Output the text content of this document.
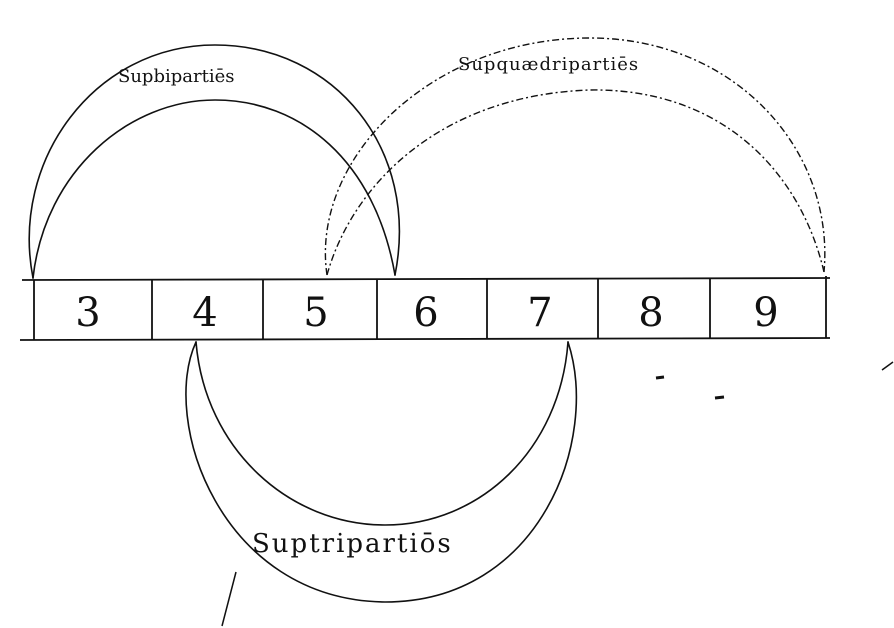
3 4 5 6 7 8 9
Supbipartiēs
Supquædripartiēs
Suptripartiōs
